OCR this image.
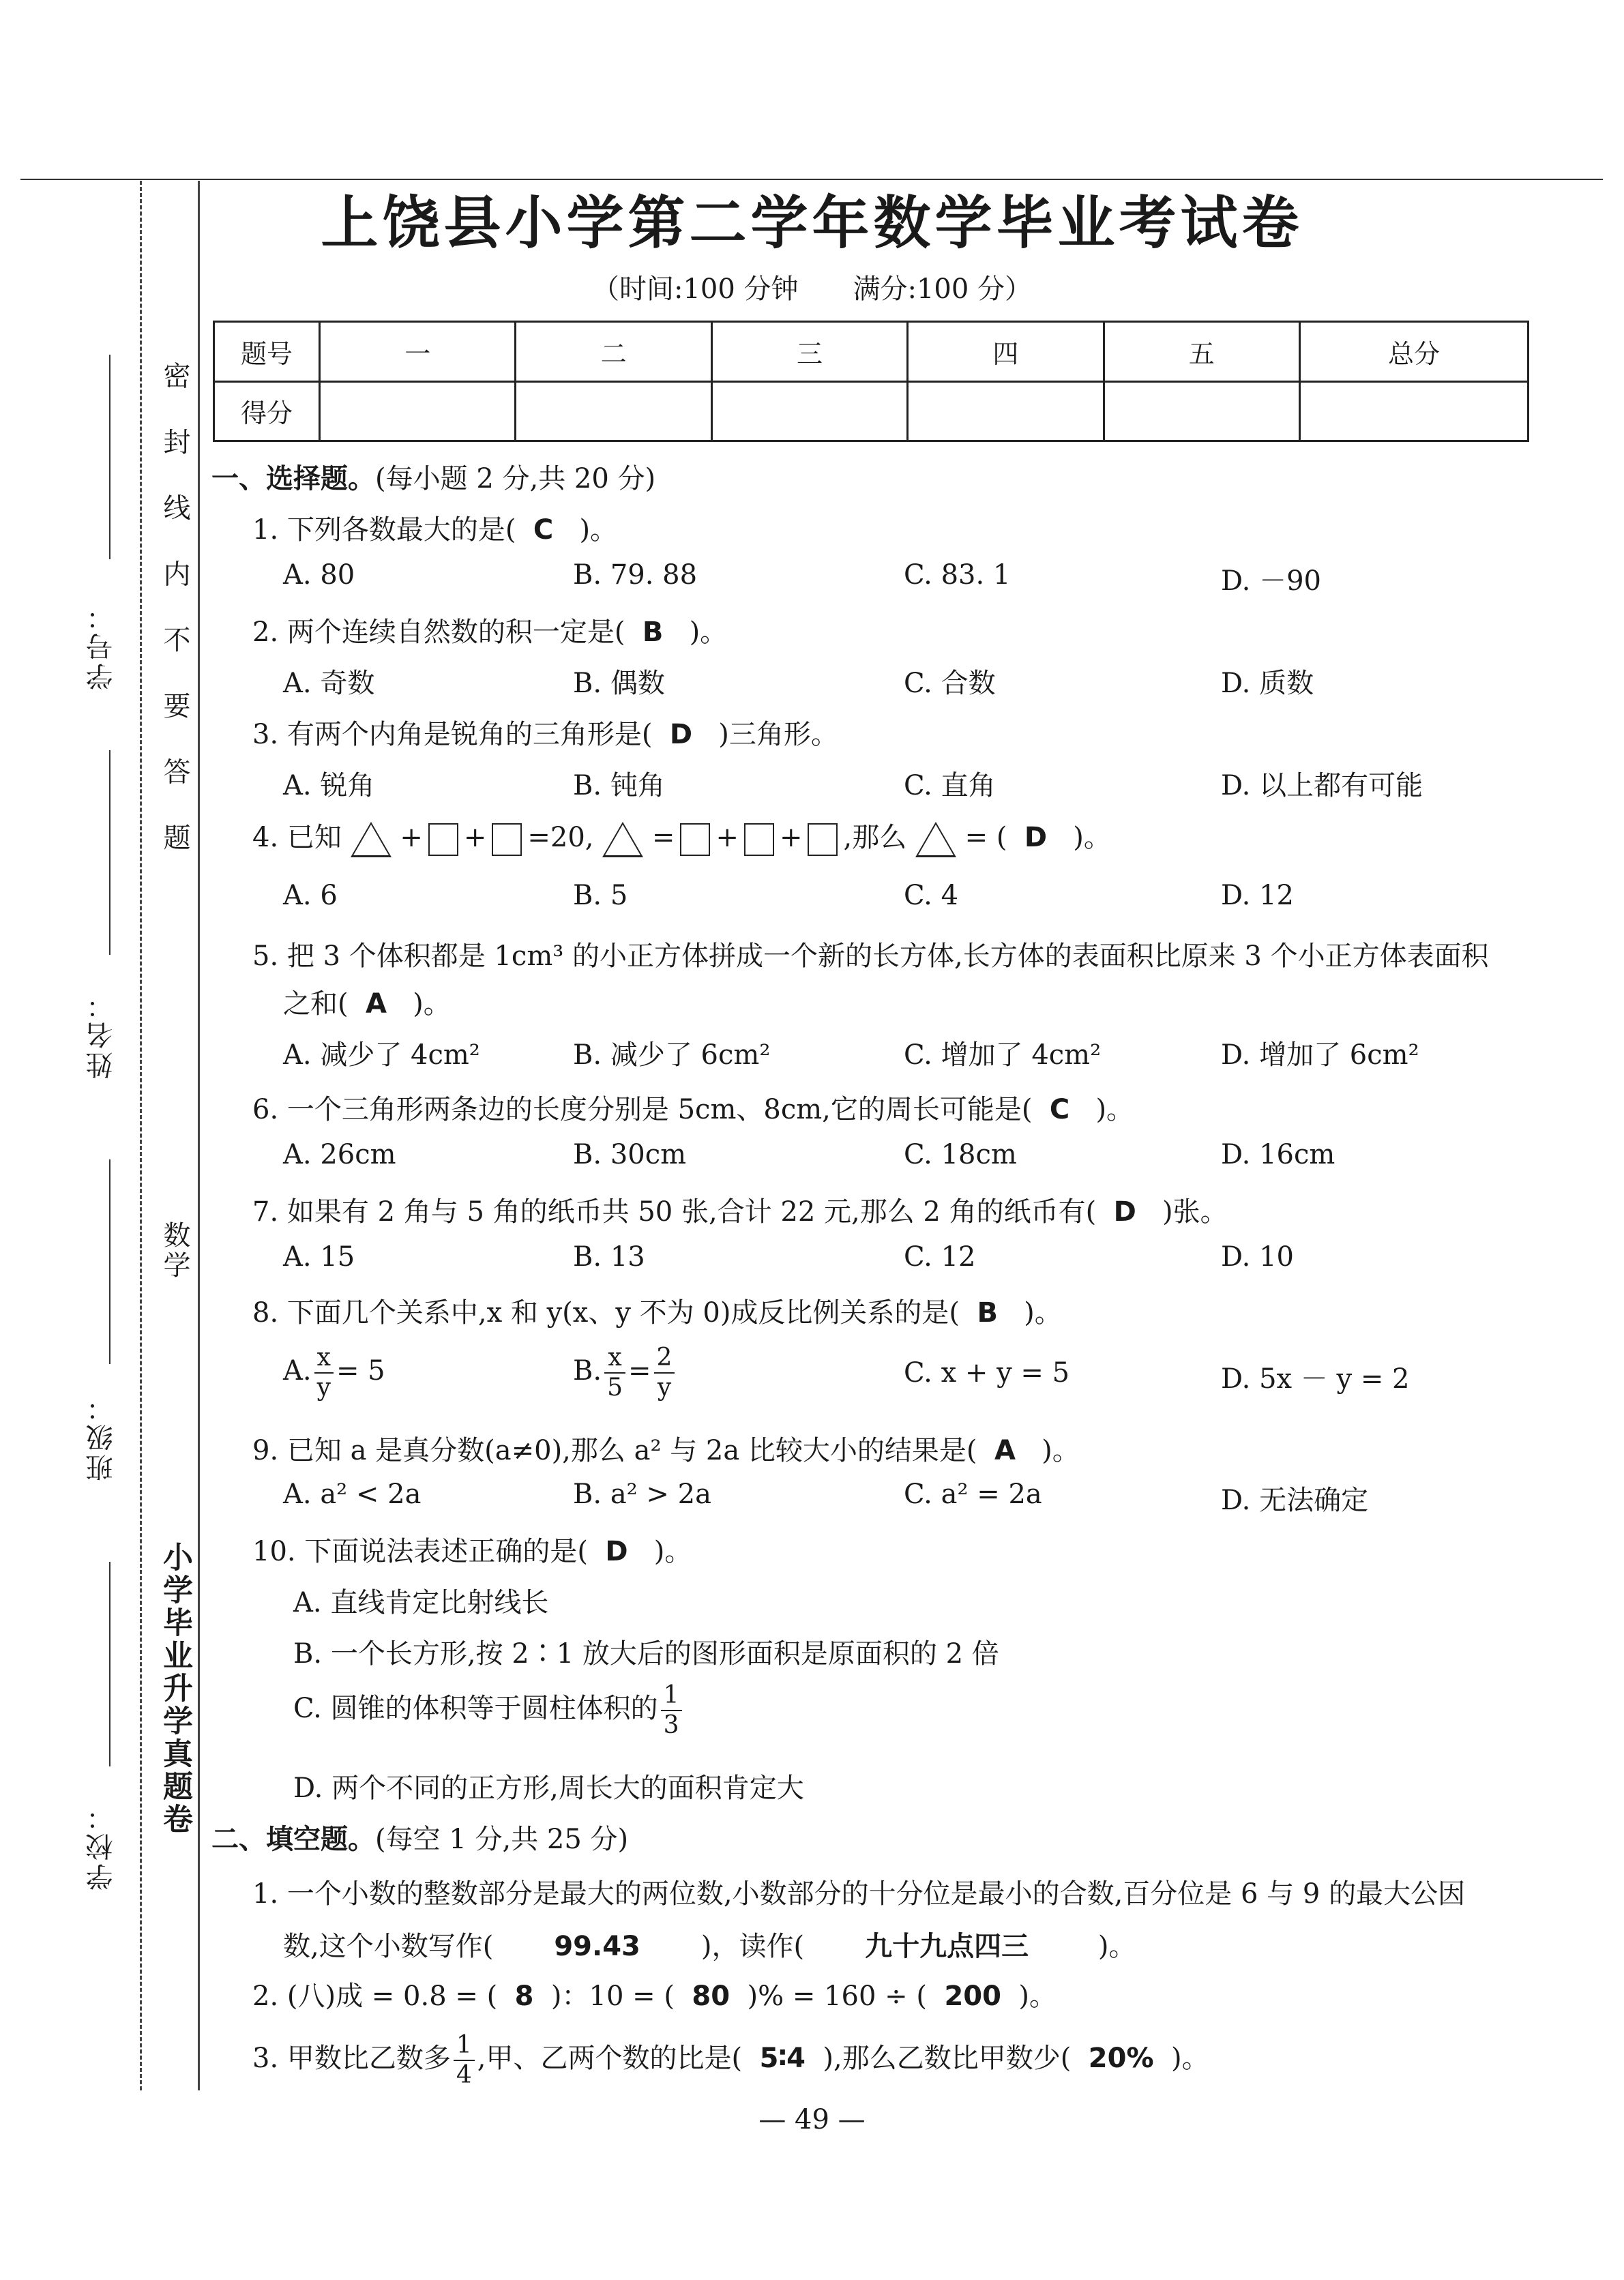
密 封 线 内 不 要 答 题
数学
小学毕业升学真题卷
学号：
姓名：
班级：
学校：
上饶县小学第二学年数学毕业考试卷
（时间:100 分钟　　满分:100 分）
题号	一	二	三	四	五	总分
得分						
一、选择题。(每小题 2 分,共 20 分)
1. 下列各数最大的是( C )。
A. 80	B. 79. 88	C. 83. 1	D. －90
2. 两个连续自然数的积一定是( B )。
A. 奇数	B. 偶数	C. 合数	D. 质数
3. 有两个内角是锐角的三角形是( D )三角形。
A. 锐角	B. 钝角	C. 直角	D. 以上都有可能
4. 已知  + + =20,  = + + ,那么  = (  D )。
A. 6	B. 5	C. 4	D. 12
5. 把 3 个体积都是 1cm³ 的小正方体拼成一个新的长方体,长方体的表面积比原来 3 个小正方体表面积
之和( A )。
A. 减少了 4cm²	B. 减少了 6cm²	C. 增加了 4cm²	D. 增加了 6cm²
6. 一个三角形两条边的长度分别是 5cm、8cm,它的周长可能是( C )。
A. 26cm	B. 30cm	C. 18cm	D. 16cm
7. 如果有 2 角与 5 角的纸币共 50 张,合计 22 元,那么 2 角的纸币有( D )张。
A. 15	B. 13	C. 12	D. 10
8. 下面几个关系中,x 和 y(x、y 不为 0)成反比例关系的是( B )。
A. $\frac{x}{y} = 5$	B. $\frac{x}{5} = \frac{2}{y}$	C. x + y = 5	D. 5x － y = 2
9. 已知 a 是真分数(a≠0),那么 a² 与 2a 比较大小的结果是( A )。
A. a² < 2a	B. a² > 2a	C. a² = 2a	D. 无法确定
10. 下面说法表述正确的是( D )。
A. 直线肯定比射线长
B. 一个长方形,按 2∶1 放大后的图形面积是原面积的 2 倍
C. 圆锥的体积等于圆柱体积的 $\frac{1}{3}$
D. 两个不同的正方形,周长大的面积肯定大
二、填空题。(每空 1 分,共 25 分)
1. 一个小数的整数部分是最大的两位数,小数部分的十分位是最小的合数,百分位是 6 与 9 的最大公因
数,这个小数写作( 99.43 )，读作( 九十九点四三	)。
2. (八)成 = 0.8 = ( 8 )：10 = ( 80 )% = 160 ÷ ( 200 )。
3. 甲数比乙数多 $\frac{1}{4}$ ,甲、乙两个数的比是( 5∶4 ),那么乙数比甲数少( 20% )。
— 49 —
